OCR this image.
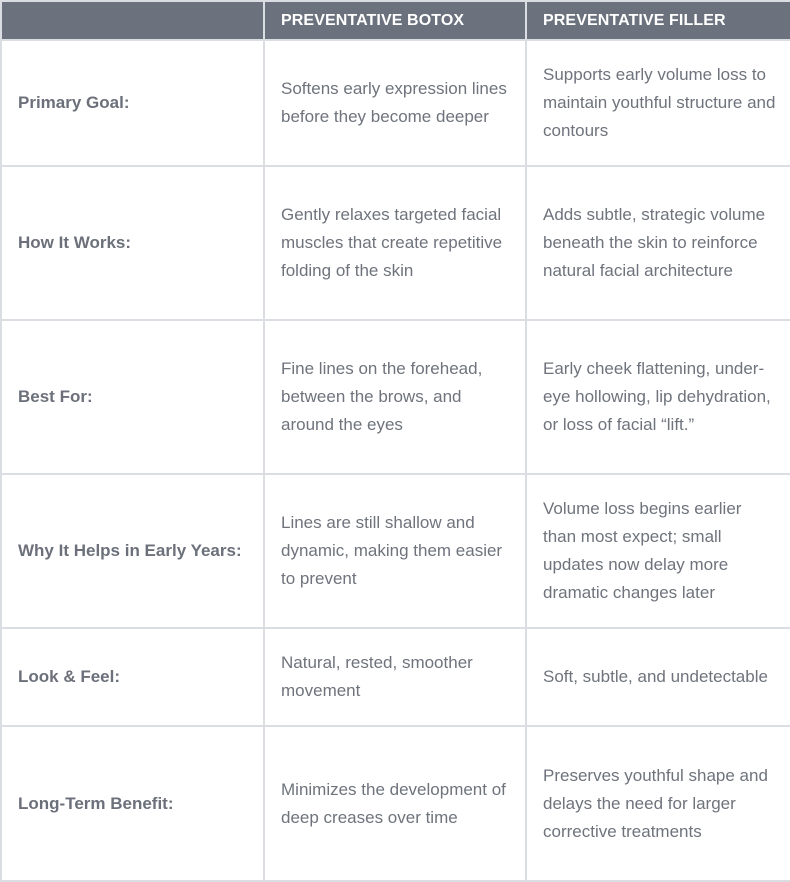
	PREVENTATIVE BOTOX	PREVENTATIVE FILLER
Primary Goal:	Softens early expression lines before they become deeper	Supports early volume loss to maintain youthful structure and contours
How It Works:	Gently relaxes targeted facial muscles that create repetitive folding of the skin	Adds subtle, strategic volume beneath the skin to reinforce natural facial architecture
Best For:	Fine lines on the forehead, between the brows, and around the eyes	Early cheek flattening, under-eye hollowing, lip dehydration, or loss of facial “lift.”
Why It Helps in Early Years:	Lines are still shallow and dynamic, making them easier to prevent	Volume loss begins earlier than most expect; small updates now delay more dramatic changes later
Look & Feel:	Natural, rested, smoother movement	Soft, subtle, and undetectable
Long-Term Benefit:	Minimizes the development of deep creases over time	Preserves youthful shape and delays the need for larger corrective treatments
